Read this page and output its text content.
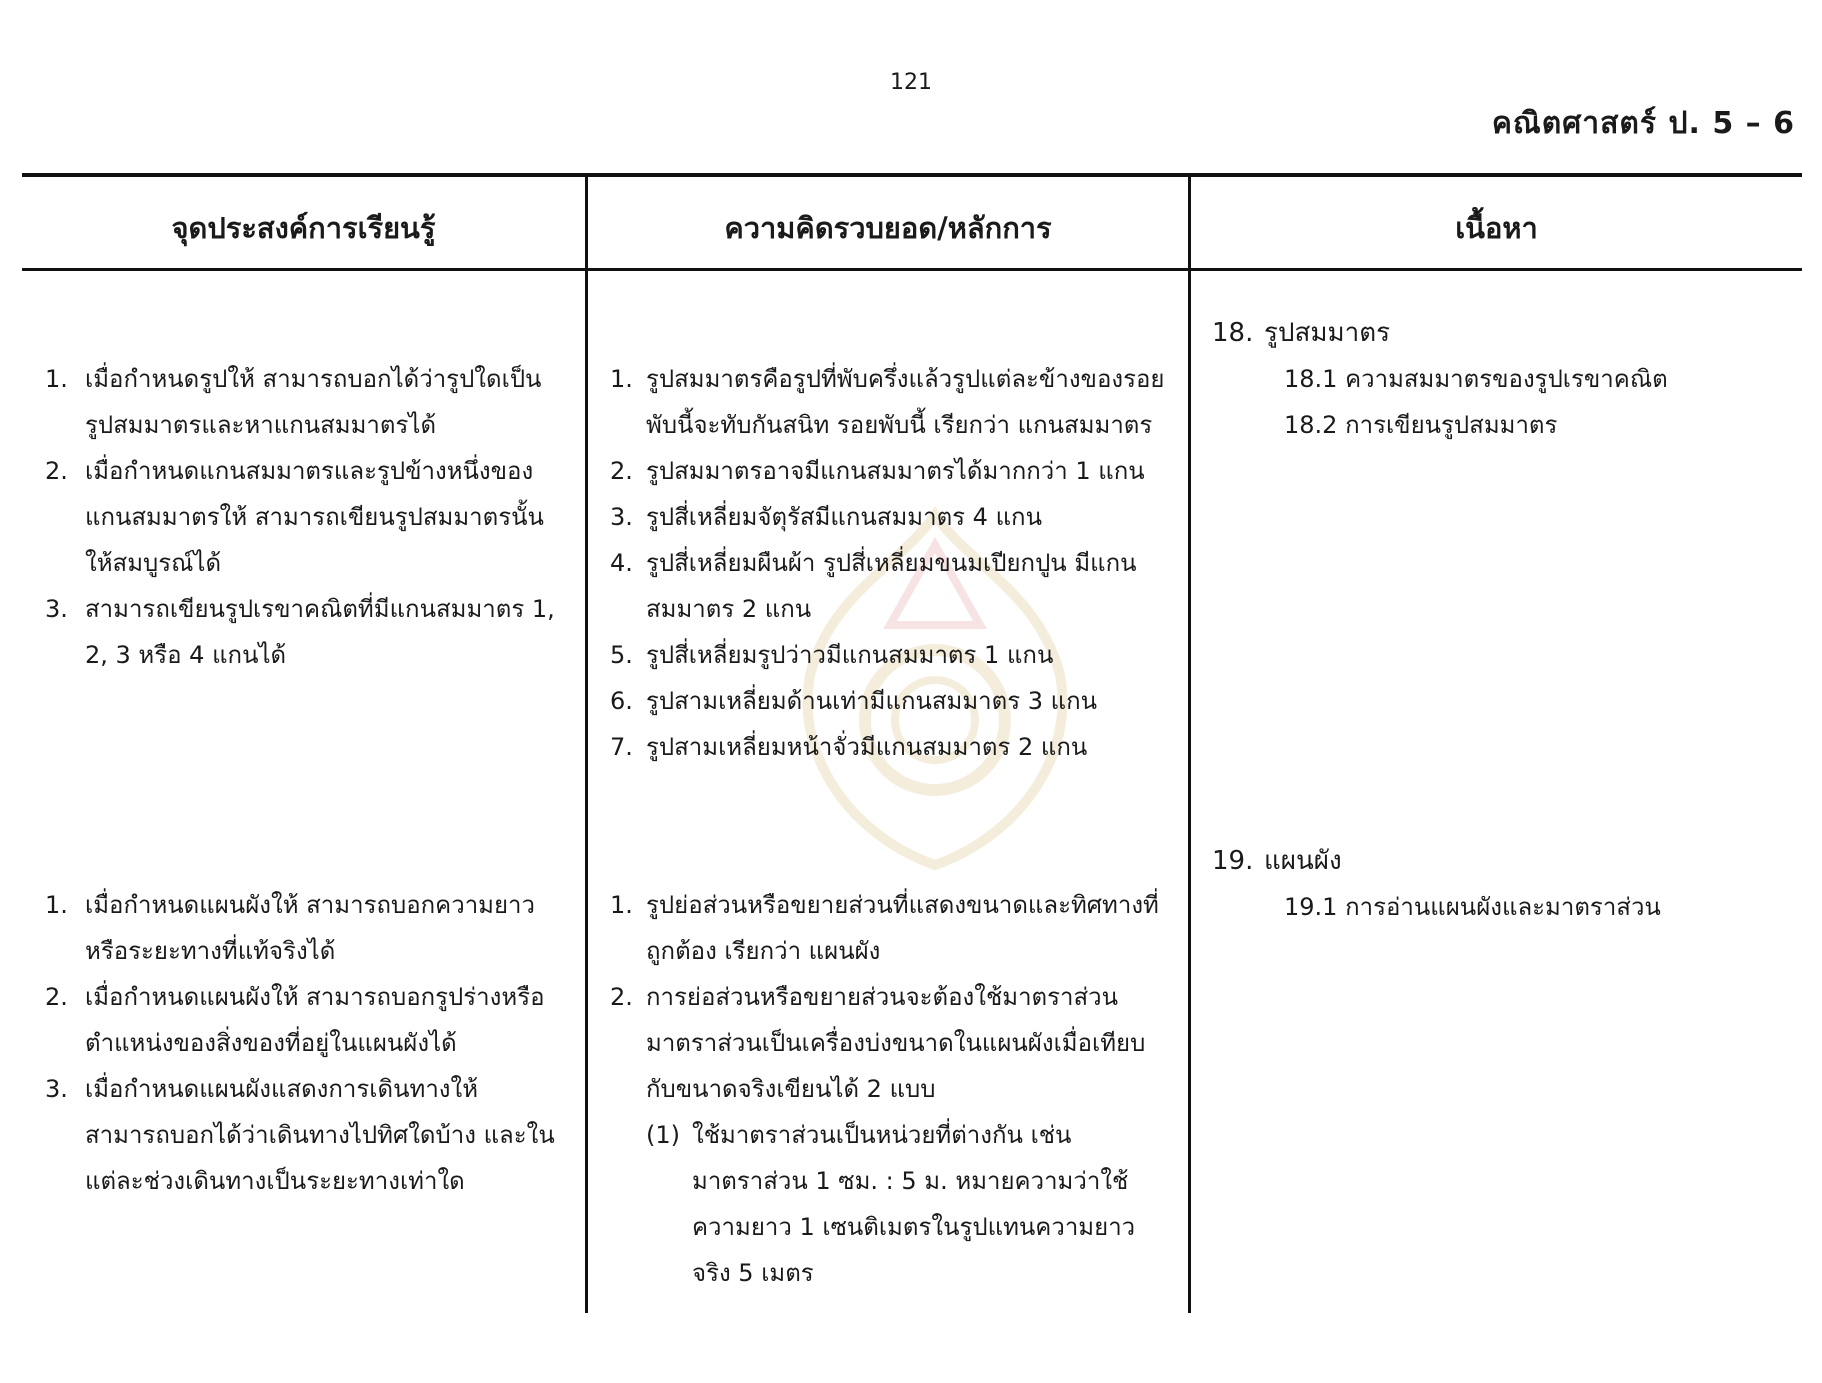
121
คณิตศาสตร์ ป. 5 – 6
จุดประสงค์การเรียนรู้	ความคิดรวบยอด/หลักการ	เนื้อหา
1. เมื่อกำหนดรูปให้ สามารถบอกได้ว่ารูปใดเป็นรูปสมมาตรและหาแกนสมมาตรได้
2. เมื่อกำหนดแกนสมมาตรและรูปข้างหนึ่งของแกนสมมาตรให้ สามารถเขียนรูปสมมาตรนั้นให้สมบูรณ์ได้
3. สามารถเขียนรูปเรขาคณิตที่มีแกนสมมาตร 1, 2, 3 หรือ 4 แกนได้
1. รูปสมมาตรคือรูปที่พับครึ่งแล้วรูปแต่ละข้างของรอยพับนี้จะทับกันสนิท รอยพับนี้ เรียกว่า แกนสมมาตร
2. รูปสมมาตรอาจมีแกนสมมาตรได้มากกว่า 1 แกน
3. รูปสี่เหลี่ยมจัตุรัสมีแกนสมมาตร 4 แกน
4. รูปสี่เหลี่ยมผืนผ้า รูปสี่เหลี่ยมขนมเปียกปูน มีแกนสมมาตร 2 แกน
5. รูปสี่เหลี่ยมรูปว่าวมีแกนสมมาตร 1 แกน
6. รูปสามเหลี่ยมด้านเท่ามีแกนสมมาตร 3 แกน
7. รูปสามเหลี่ยมหน้าจั่วมีแกนสมมาตร 2 แกน
18. รูปสมมาตร
18.1 ความสมมาตรของรูปเรขาคณิต
18.2 การเขียนรูปสมมาตร
1. เมื่อกำหนดแผนผังให้ สามารถบอกความยาวหรือระยะทางที่แท้จริงได้
2. เมื่อกำหนดแผนผังให้ สามารถบอกรูปร่างหรือตำแหน่งของสิ่งของที่อยู่ในแผนผังได้
3. เมื่อกำหนดแผนผังแสดงการเดินทางให้ สามารถบอกได้ว่าเดินทางไปทิศใดบ้าง และในแต่ละช่วงเดินทางเป็นระยะทางเท่าใด
1. รูปย่อส่วนหรือขยายส่วนที่แสดงขนาดและทิศทางที่ถูกต้อง เรียกว่า แผนผัง
2. การย่อส่วนหรือขยายส่วนจะต้องใช้มาตราส่วน มาตราส่วนเป็นเครื่องบ่งขนาดในแผนผังเมื่อเทียบกับขนาดจริงเขียนได้ 2 แบบ
(1) ใช้มาตราส่วนเป็นหน่วยที่ต่างกัน เช่น มาตราส่วน 1 ซม. : 5 ม. หมายความว่าใช้ความยาว 1 เซนติเมตรในรูปแทนความยาวจริง 5 เมตร
19. แผนผัง
19.1 การอ่านแผนผังและมาตราส่วน
